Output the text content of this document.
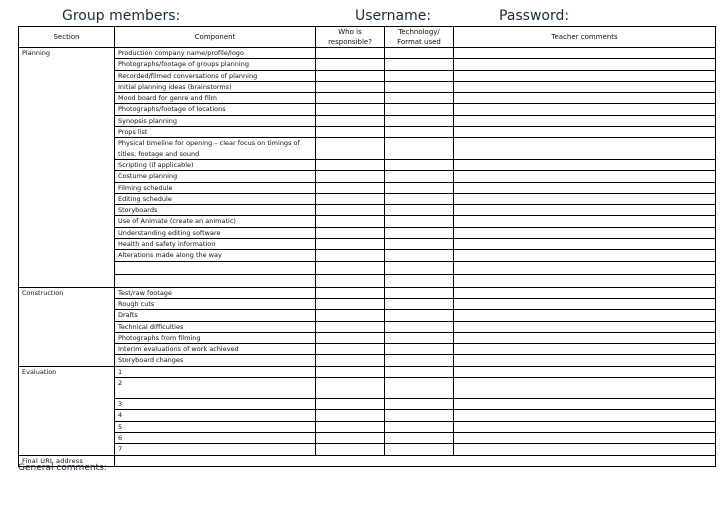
Group members:	Username:	Password:
Section	Component	Who is responsible?	Technology/ Format used	Teacher comments
Planning	Production company name/profile/logo			
	Photographs/footage of groups planning			
	Recorded/filmed conversations of planning			
	Initial planning ideas (brainstorms)			
	Mood board for genre and film			
	Photographs/footage of locations			
	Synopsis planning			
	Props list			
	Physical timeline for opening – clear focus on timings of titles, footage and sound			
	Scripting (if applicable)			
	Costume planning			
	Filming schedule			
	Editing schedule			
	Storyboards			
	Use of Animate (create an animatic)			
	Understanding editing software			
	Health and safety information			
	Alterations made along the way			

Construction	Test/raw footage			
	Rough cuts			
	Drafts			
	Technical difficulties			
	Photographs from filming			
	Interim evaluations of work achieved			
	Storyboard changes			
Evaluation	1			
	2			
	3			
	4			
	5			
	6			
	7			
Final URL address				
General comments:
